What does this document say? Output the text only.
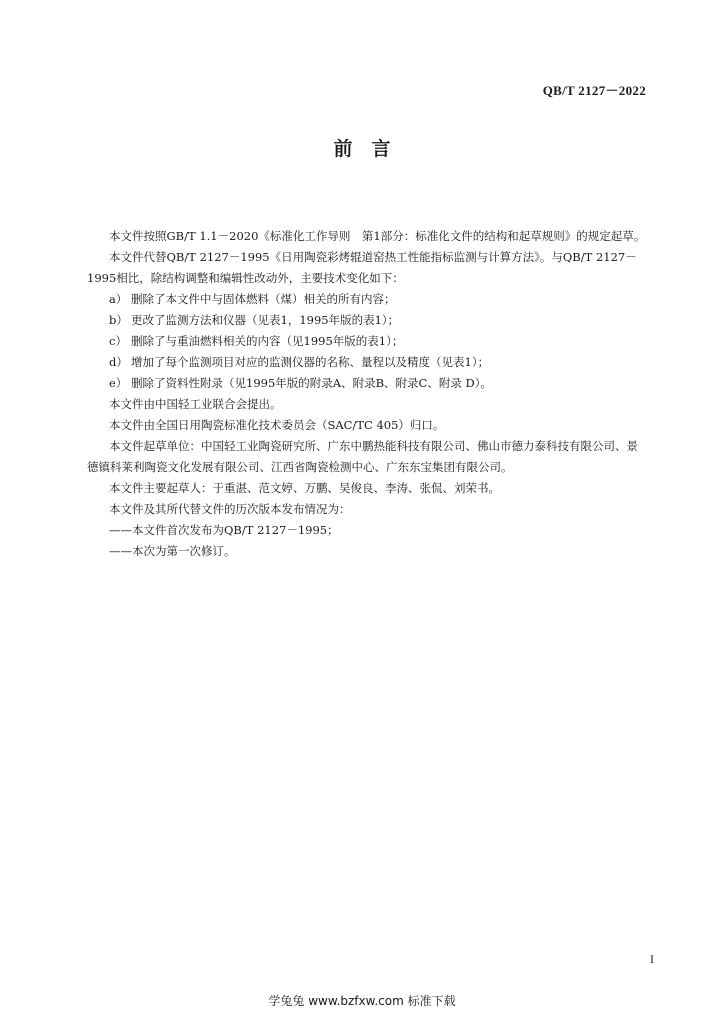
QB/T 2127－2022
前　言

本文件按照GB/T 1.1－2020《标准化工作导则　第1部分：标准化文件的结构和起草规则》的规定起草。

本文件代替QB/T 2127－1995《日用陶瓷彩烤辊道窑热工性能指标监测与计算方法》。与QB/T 2127－1995相比，除结构调整和编辑性改动外，主要技术变化如下：

a） 删除了本文件中与固体燃料（煤）相关的所有内容；

b） 更改了监测方法和仪器（见表1，1995年版的表1）；

c） 删除了与重油燃料相关的内容（见1995年版的表1）；

d） 增加了每个监测项目对应的监测仪器的名称、量程以及精度（见表1）；

e） 删除了资料性附录（见1995年版的附录A、附录B、附录C、附录 D）。

本文件由中国轻工业联合会提出。

本文件由全国日用陶瓷标准化技术委员会（SAC/TC 405）归口。

本文件起草单位：中国轻工业陶瓷研究所、广东中鹏热能科技有限公司、佛山市德力泰科技有限公司、景德镇科莱利陶瓷文化发展有限公司、江西省陶瓷检测中心、广东东宝集团有限公司。

本文件主要起草人：于重湛、范文婷、万鹏、吴俊良、李涛、张侃、刘荣书。

本文件及其所代替文件的历次版本发布情况为：

——本文件首次发布为QB/T 2127－1995；

——本次为第一次修订。

I
学兔兔 www.bzfxw.com 标准下载
